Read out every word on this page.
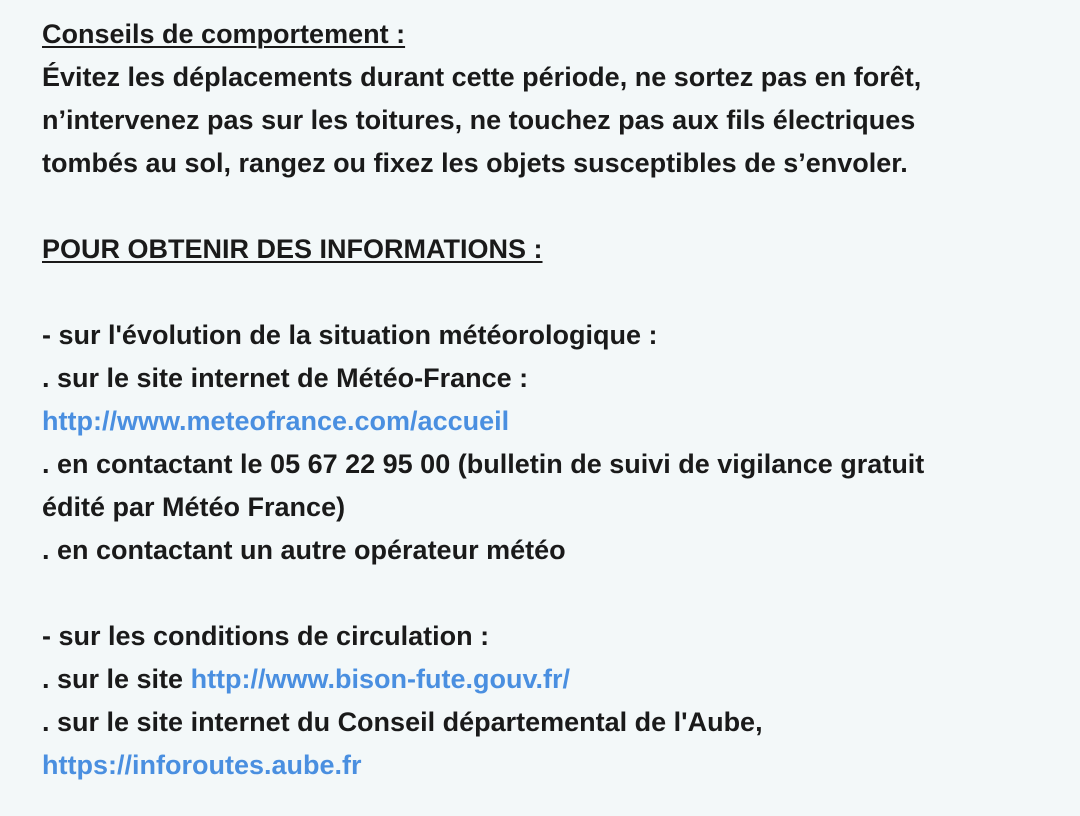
Conseils de comportement :
Évitez les déplacements durant cette période, ne sortez pas en forêt,
n’intervenez pas sur les toitures, ne touchez pas aux fils électriques
tombés au sol, rangez ou fixez les objets susceptibles de s’envoler.
POUR OBTENIR DES INFORMATIONS :
- sur l'évolution de la situation météorologique :
. sur le site internet de Météo-France :
http://www.meteofrance.com/accueil
. en contactant le 05 67 22 95 00 (bulletin de suivi de vigilance gratuit
édité par Météo France)
. en contactant un autre opérateur météo
- sur les conditions de circulation :
. sur le site http://www.bison-fute.gouv.fr/
. sur le site internet du Conseil départemental de l'Aube,
https://inforoutes.aube.fr
